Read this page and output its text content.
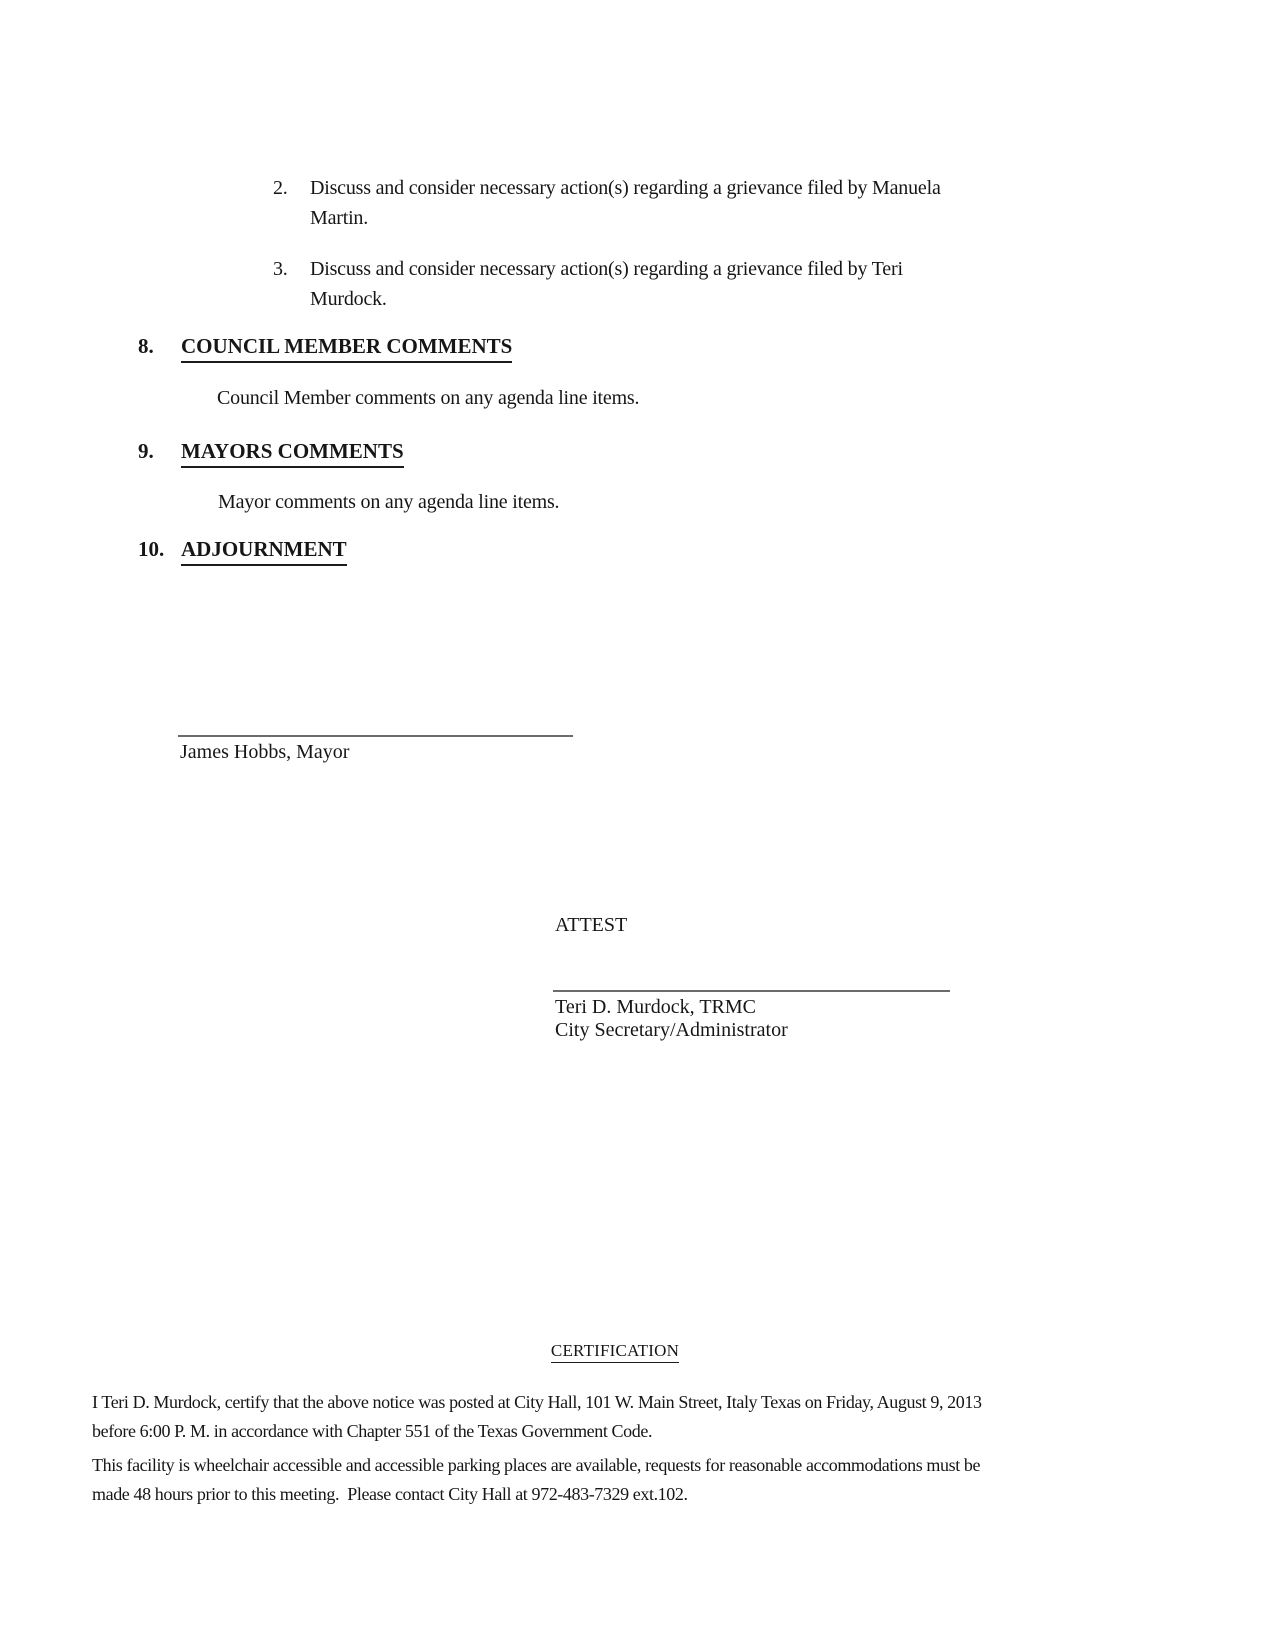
2.	Discuss and consider necessary action(s) regarding a grievance filed by Manuela
Martin.
3.	Discuss and consider necessary action(s) regarding a grievance filed by Teri
Murdock.
8.	COUNCIL MEMBER COMMENTS
Council Member comments on any agenda line items.
9.	MAYORS COMMENTS
Mayor comments on any agenda line items.
10. ADJOURNMENT
James Hobbs, Mayor
ATTEST
Teri D. Murdock, TRMC
City Secretary/Administrator
CERTIFICATION
I Teri D. Murdock, certify that the above notice was posted at City Hall, 101 W. Main Street, Italy Texas on Friday, August 9, 2013
before 6:00 P. M. in accordance with Chapter 551 of the Texas Government Code.
This facility is wheelchair accessible and accessible parking places are available, requests for reasonable accommodations must be
made 48 hours prior to this meeting.  Please contact City Hall at 972-483-7329 ext.102.
